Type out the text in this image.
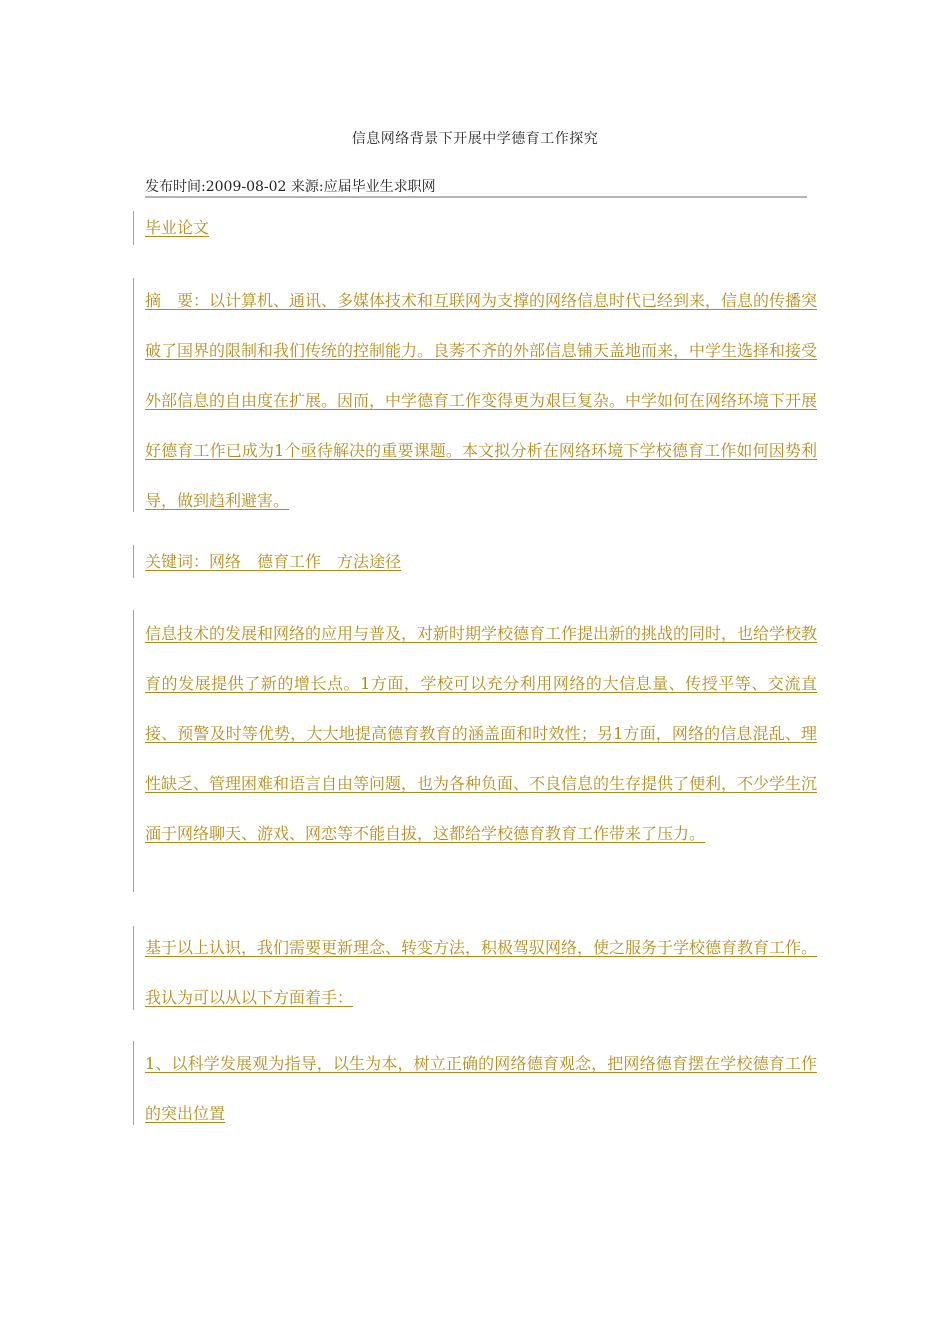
信息网络背景下开展中学德育工作探究
发布时间:2009-08-02 来源:应届毕业生求职网

毕业论文

摘　要：以计算机、通讯、多媒体技术和互联网为支撑的网络信息时代已经到来，信息的传播突破了国界的限制和我们传统的控制能力。良莠不齐的外部信息铺天盖地而来，中学生选择和接受外部信息的自由度在扩展。因而，中学德育工作变得更为艰巨复杂。中学如何在网络环境下开展好德育工作已成为1个亟待解决的重要课题。本文拟分析在网络环境下学校德育工作如何因势利导，做到趋利避害。

关键词：网络　德育工作　方法途径

信息技术的发展和网络的应用与普及，对新时期学校德育工作提出新的挑战的同时，也给学校教育的发展提供了新的增长点。1方面，学校可以充分利用网络的大信息量、传授平等、交流直接、预警及时等优势，大大地提高德育教育的涵盖面和时效性；另1方面，网络的信息混乱、理性缺乏、管理困难和语言自由等问题，也为各种负面、不良信息的生存提供了便利，不少学生沉湎于网络聊天、游戏、网恋等不能自拔，这都给学校德育教育工作带来了压力。

基于以上认识，我们需要更新理念、转变方法，积极驾驭网络，使之服务于学校德育教育工作。我认为可以从以下方面着手：

1、以科学发展观为指导，以生为本，树立正确的网络德育观念，把网络德育摆在学校德育工作的突出位置
